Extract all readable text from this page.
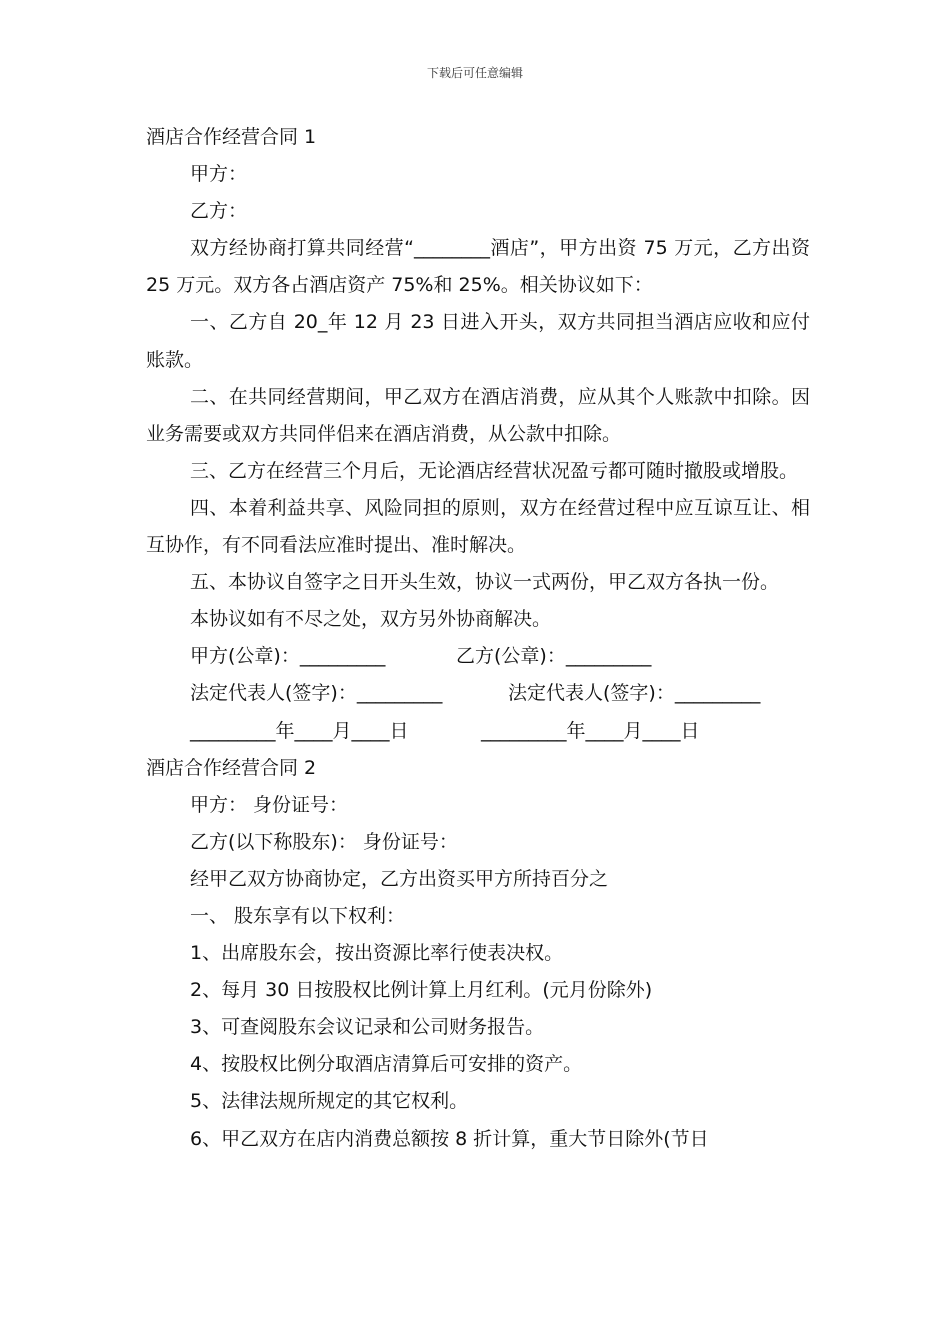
下载后可任意编辑

酒店合作经营合同 1

甲方：

乙方：

双方经协商打算共同经营“________酒店”，甲方出资 75 万元，乙方出资 25 万元。双方各占酒店资产 75%和 25%。相关协议如下：

一、乙方自 20_年 12 月 23 日进入开头，双方共同担当酒店应收和应付账款。

二、在共同经营期间，甲乙双方在酒店消费，应从其个人账款中扣除。因业务需要或双方共同伴侣来在酒店消费，从公款中扣除。

三、乙方在经营三个月后，无论酒店经营状况盈亏都可随时撤股或增股。

四、本着利益共享、风险同担的原则，双方在经营过程中应互谅互让、相互协作，有不同看法应准时提出、准时解决。

五、本协议自签字之日开头生效，协议一式两份，甲乙双方各执一份。

本协议如有不尽之处，双方另外协商解决。

甲方(公章)：_________	乙方(公章)：_________
法定代表人(签字)：_________	法定代表人(签字)：_________
_________年____月____日	_________年____月____日

酒店合作经营合同 2

甲方： 身份证号：

乙方(以下称股东)： 身份证号：

经甲乙双方协商协定，乙方出资买甲方所持百分之

一、 股东享有以下权利：

1、出席股东会，按出资源比率行使表决权。

2、每月 30 日按股权比例计算上月红利。(元月份除外)

3、可查阅股东会议记录和公司财务报告。

4、按股权比例分取酒店清算后可安排的资产。

5、法律法规所规定的其它权利。

6、甲乙双方在店内消费总额按 8 折计算，重大节日除外(节日
